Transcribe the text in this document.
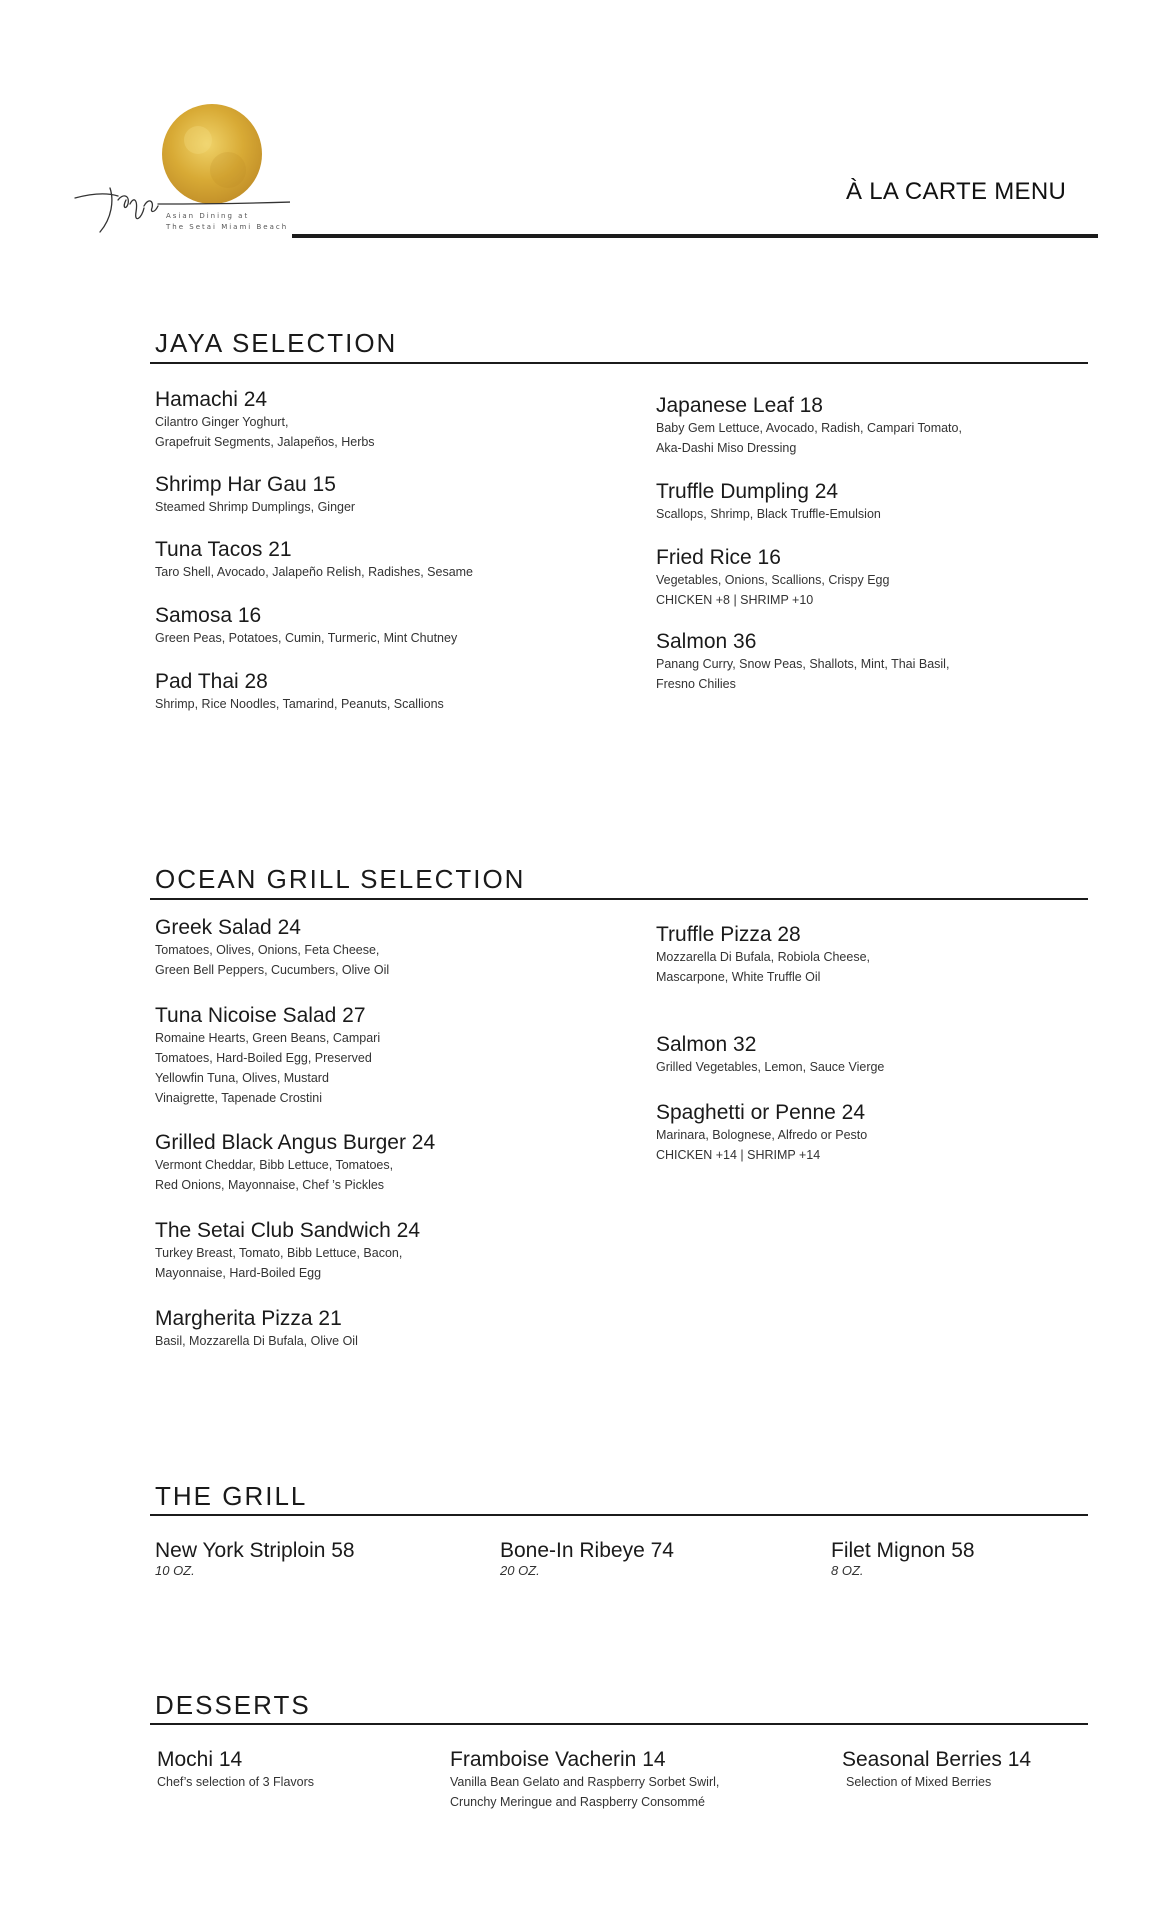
Asian Dining at
The Setai Miami Beach
À LA CARTE MENU
JAYA SELECTION
Hamachi 24
Cilantro Ginger Yoghurt,
Grapefruit Segments, Jalapeños, Herbs
Shrimp Har Gau 15
Steamed Shrimp Dumplings, Ginger
Tuna Tacos 21
Taro Shell, Avocado, Jalapeño Relish, Radishes, Sesame
Samosa 16
Green Peas, Potatoes, Cumin, Turmeric, Mint Chutney
Pad Thai 28
Shrimp, Rice Noodles, Tamarind, Peanuts, Scallions
Japanese Leaf 18
Baby Gem Lettuce, Avocado, Radish, Campari Tomato,
Aka-Dashi Miso Dressing
Truffle Dumpling 24
Scallops, Shrimp, Black Truffle-Emulsion
Fried Rice 16
Vegetables, Onions, Scallions, Crispy Egg
CHICKEN +8 | SHRIMP +10
Salmon 36
Panang Curry, Snow Peas, Shallots, Mint, Thai Basil,
Fresno Chilies
OCEAN GRILL SELECTION
Greek Salad 24
Tomatoes, Olives, Onions, Feta Cheese,
Green Bell Peppers, Cucumbers, Olive Oil
Tuna Nicoise Salad 27
Romaine Hearts, Green Beans, Campari
Tomatoes, Hard-Boiled Egg, Preserved
Yellowfin Tuna, Olives, Mustard
Vinaigrette, Tapenade Crostini
Grilled Black Angus Burger 24
Vermont Cheddar, Bibb Lettuce, Tomatoes,
Red Onions, Mayonnaise, Chef ’s Pickles
The Setai Club Sandwich 24
Turkey Breast, Tomato, Bibb Lettuce, Bacon,
Mayonnaise, Hard-Boiled Egg
Margherita Pizza 21
Basil, Mozzarella Di Bufala, Olive Oil
Truffle Pizza 28
Mozzarella Di Bufala, Robiola Cheese,
Mascarpone, White Truffle Oil
Salmon 32
Grilled Vegetables, Lemon, Sauce Vierge
Spaghetti or Penne 24
Marinara, Bolognese, Alfredo or Pesto
CHICKEN +14 | SHRIMP +14
THE GRILL
New York Striploin 58
10 OZ.
Bone-In Ribeye 74
20 OZ.
Filet Mignon 58
8 OZ.
DESSERTS
Mochi 14
Chef’s selection of 3 Flavors
Framboise Vacherin 14
Vanilla Bean Gelato and Raspberry Sorbet Swirl,
Crunchy Meringue and Raspberry Consommé
Seasonal Berries 14
Selection of Mixed Berries
